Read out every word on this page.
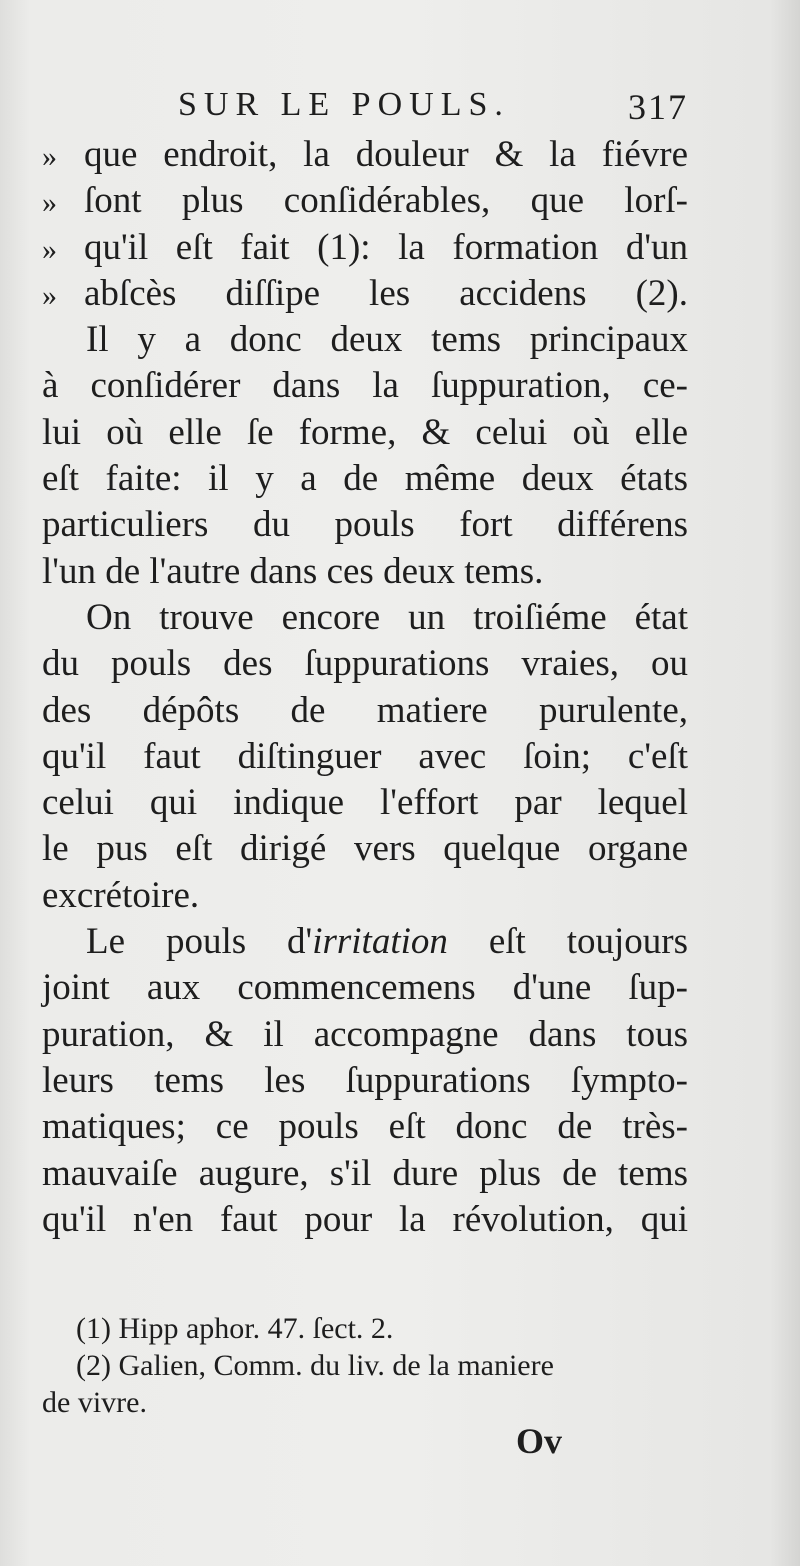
SUR LE POULS.	317
» que endroit, la douleur & la fiévre
» ſont plus conſidérables, que lorſ-
» qu'il eſt fait (1): la formation d'un
» abſcès diſſipe les accidens (2).
Il y a donc deux tems principaux
à conſidérer dans la ſuppuration, ce-
lui où elle ſe forme, & celui où elle
eſt faite: il y a de même deux états
particuliers du pouls fort différens
l'un de l'autre dans ces deux tems.
On trouve encore un troiſiéme état
du pouls des ſuppurations vraies, ou
des dépôts de matiere purulente,
qu'il faut diſtinguer avec ſoin; c'eſt
celui qui indique l'effort par lequel
le pus eſt dirigé vers quelque organe
excrétoire.
Le pouls d'irritation eſt toujours
joint aux commencemens d'une ſup-
puration, & il accompagne dans tous
leurs tems les ſuppurations ſympto-
matiques; ce pouls eſt donc de très-
mauvaiſe augure, s'il dure plus de tems
qu'il n'en faut pour la révolution, qui
(1) Hipp aphor. 47. ſect. 2.
(2) Galien, Comm. du liv. de la maniere
de vivre.
Ov
